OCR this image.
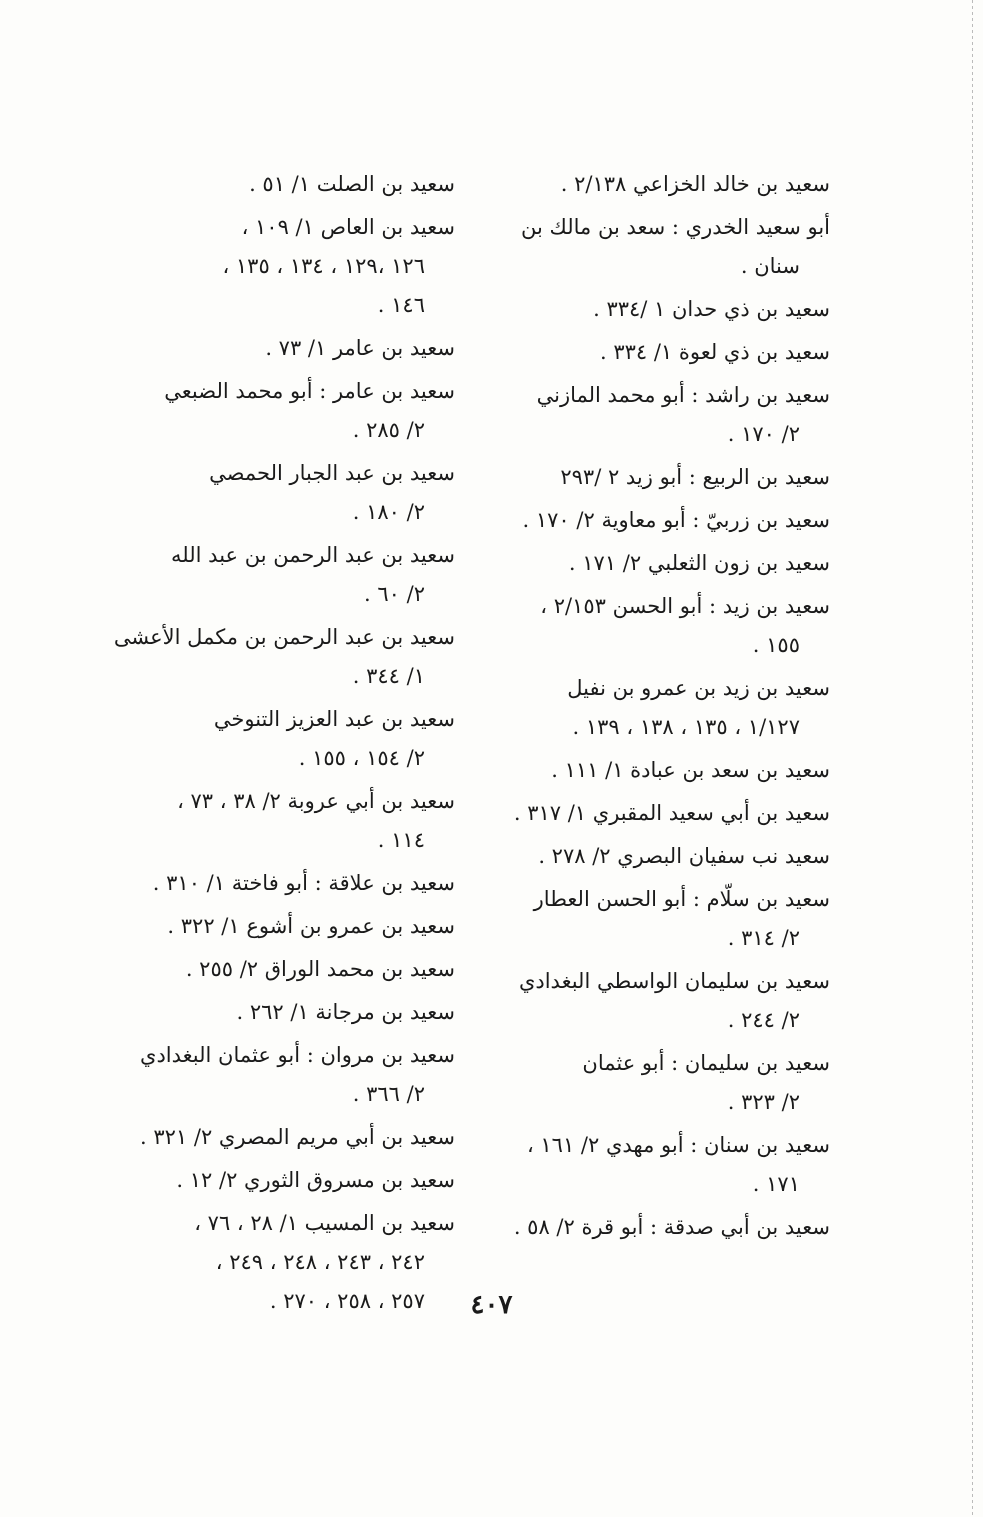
سعيد بن خالد الخزاعي ٢/١٣٨ .
أبو سعيد الخدري : سعد بن مالك بن
سنان .
سعيد بن ذي حدان ١ /٣٣٤ .
سعيد بن ذي لعوة ١/ ٣٣٤ .
سعيد بن راشد : أبو محمد المازني
٢/ ١٧٠ .
سعيد بن الربيع : أبو زيد ٢ /٢٩٣
سعيد بن زربيّ : أبو معاوية ٢/ ١٧٠ .
سعيد بن زون الثعلبي ٢/ ١٧١ .
سعيد بن زيد : أبو الحسن ٢/١٥٣ ،
١٥٥ .
سعيد بن زيد بن عمرو بن نفيل
١/١٢٧ ، ١٣٥ ، ١٣٨ ، ١٣٩ .
سعيد بن سعد بن عبادة ١/ ١١١ .
سعيد بن أبي سعيد المقبري ١/ ٣١٧ .
سعيد نب سفيان البصري ٢/ ٢٧٨ .
سعيد بن سلّام : أبو الحسن العطار
٢/ ٣١٤ .
سعيد بن سليمان الواسطي البغدادي
٢/ ٢٤٤ .
سعيد بن سليمان : أبو عثمان
٢/ ٣٢٣ .
سعيد بن سنان : أبو مهدي ٢/ ١٦١ ،
١٧١ .
سعيد بن أبي صدقة : أبو قرة ٢/ ٥٨ .
سعيد بن الصلت ١/ ٥١ .
سعيد بن العاص ١/ ١٠٩ ،
١٢٦ ،١٢٩ ، ١٣٤ ، ١٣٥ ،
١٤٦ .
سعيد بن عامر ١/ ٧٣ .
سعيد بن عامر : أبو محمد الضبعي
٢/ ٢٨٥ .
سعيد بن عبد الجبار الحمصي
٢/ ١٨٠ .
سعيد بن عبد الرحمن بن عبد الله
٢/ ٦٠ .
سعيد بن عبد الرحمن بن مكمل الأعشى
١/ ٣٤٤ .
سعيد بن عبد العزيز التنوخي
٢/ ١٥٤ ، ١٥٥ .
سعيد بن أبي عروبة ٢/ ٣٨ ، ٧٣ ،
١١٤ .
سعيد بن علاقة : أبو فاختة ١/ ٣١٠ .
سعيد بن عمرو بن أشوع ١/ ٣٢٢ .
سعيد بن محمد الوراق ٢/ ٢٥٥ .
سعيد بن مرجانة ١/ ٢٦٢ .
سعيد بن مروان : أبو عثمان البغدادي
٢/ ٣٦٦ .
سعيد بن أبي مريم المصري ٢/ ٣٢١ .
سعيد بن مسروق الثوري ٢/ ١٢ .
سعيد بن المسيب ١/ ٢٨ ، ٧٦ ،
٢٤٢ ، ٢٤٣ ، ٢٤٨ ، ٢٤٩ ،
٢٥٧ ، ٢٥٨ ، ٢٧٠ .	٤٠٧
